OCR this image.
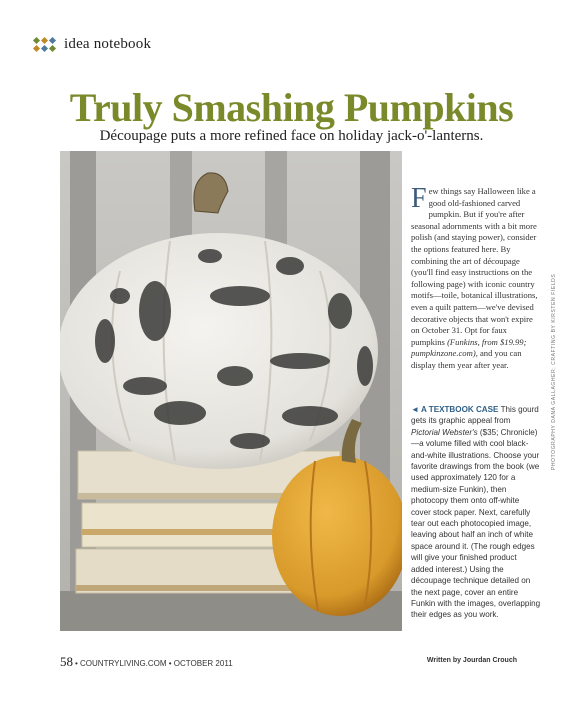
idea notebook
Truly Smashing Pumpkins
Découpage puts a more refined face on holiday jack-o'-lanterns.
Few things say Halloween like a good old-fashioned carved pumpkin. But if you're after seasonal adornments with a bit more polish (and staying power), consider the options featured here. By combining the art of découpage (you'll find easy instructions on the following page) with iconic country motifs—toile, botanical illustrations, even a quilt pattern—we've devised decorative objects that won't expire on October 31. Opt for faux pumpkins (Funkins, from $19.99; pumpkinzone.com), and you can display them year after year.
◄ A TEXTBOOK CASE This gourd gets its graphic appeal from Pictorial Webster's ($35; Chronicle)—a volume filled with cool black-and-white illustrations. Choose your favorite drawings from the book (we used approximately 120 for a medium-size Funkin), then photocopy them onto off-white cover stock paper. Next, carefully tear out each photocopied image, leaving about half an inch of white space around it. (The rough edges will give your finished product added interest.) Using the découpage technique detailed on the next page, cover an entire Funkin with the images, overlapping their edges as you work.
PHOTOGRAPHY DANA GALLAGHER; CRAFTING BY KIRSTEN FIELDS
58 • COUNTRYLIVING.COM • OCTOBER 2011	Written by Jourdan Crouch
